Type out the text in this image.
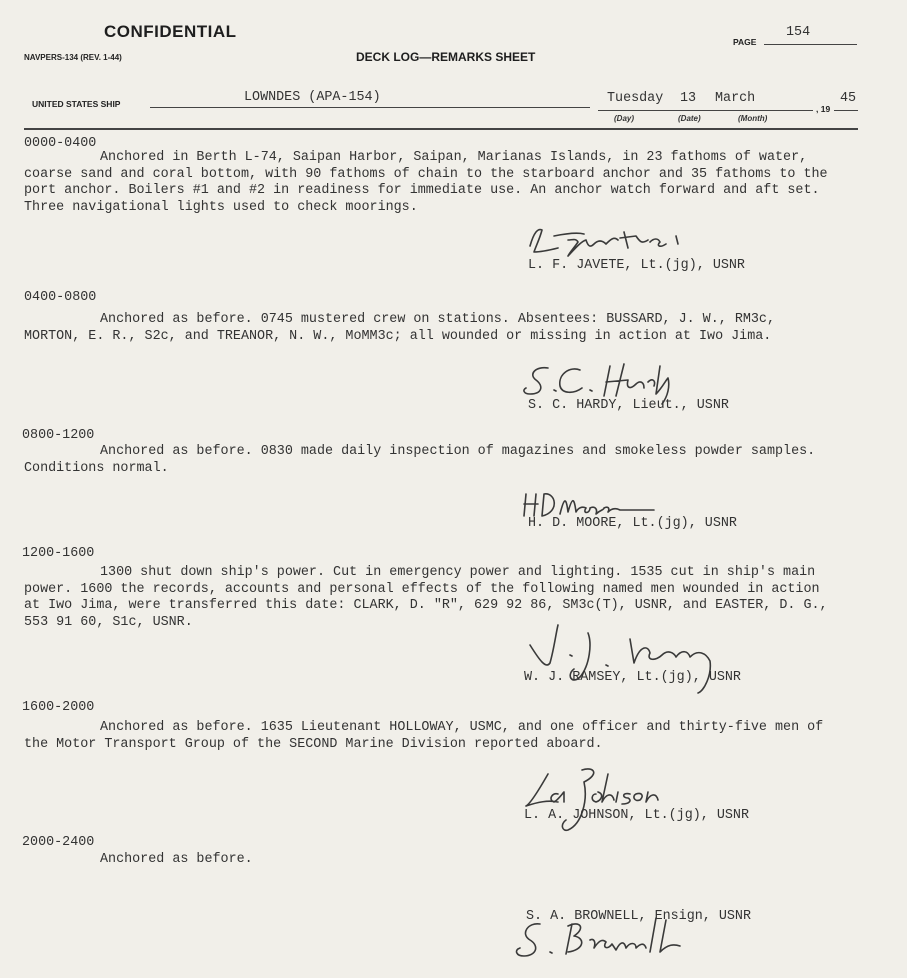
CONFIDENTIAL
NAVPERS-134 (REV. 1-44)	DECK LOG—REMARKS SHEET
PAGE
154
UNITED STATES SHIP	LOWNDES (APA-154)	Tuesday 13 March
, 19
45
(Day)	(Date)	(Month)
0000-0400
Anchored in Berth L-74, Saipan Harbor, Saipan, Marianas Islands, in 23 fathoms of water,
coarse sand and coral bottom, with 90 fathoms of chain to the starboard anchor and 35 fathoms to the
port anchor. Boilers #1 and #2 in readiness for immediate use. An anchor watch forward and aft set.
Three navigational lights used to check moorings.
L. F. JAVETE, Lt.(jg), USNR
0400-0800
Anchored as before. 0745 mustered crew on stations. Absentees: BUSSARD, J. W., RM3c,
MORTON, E. R., S2c, and TREANOR, N. W., MoMM3c; all wounded or missing in action at Iwo Jima.
S. C. HARDY, Lieut., USNR
0800-1200
Anchored as before. 0830 made daily inspection of magazines and smokeless powder samples.
Conditions normal.
H. D. MOORE, Lt.(jg), USNR
1200-1600
1300 shut down ship's power. Cut in emergency power and lighting. 1535 cut in ship's main
power. 1600 the records, accounts and personal effects of the following named men wounded in action
at Iwo Jima, were transferred this date: CLARK, D. "R", 629 92 86, SM3c(T), USNR, and EASTER, D. G.,
553 91 60, S1c, USNR.
W. J. RAMSEY, Lt.(jg), USNR
1600-2000
Anchored as before. 1635 Lieutenant HOLLOWAY, USMC, and one officer and thirty-five men of
the Motor Transport Group of the SECOND Marine Division reported aboard.
L. A. JOHNSON, Lt.(jg), USNR
2000-2400
Anchored as before.
S. A. BROWNELL, Ensign, USNR
